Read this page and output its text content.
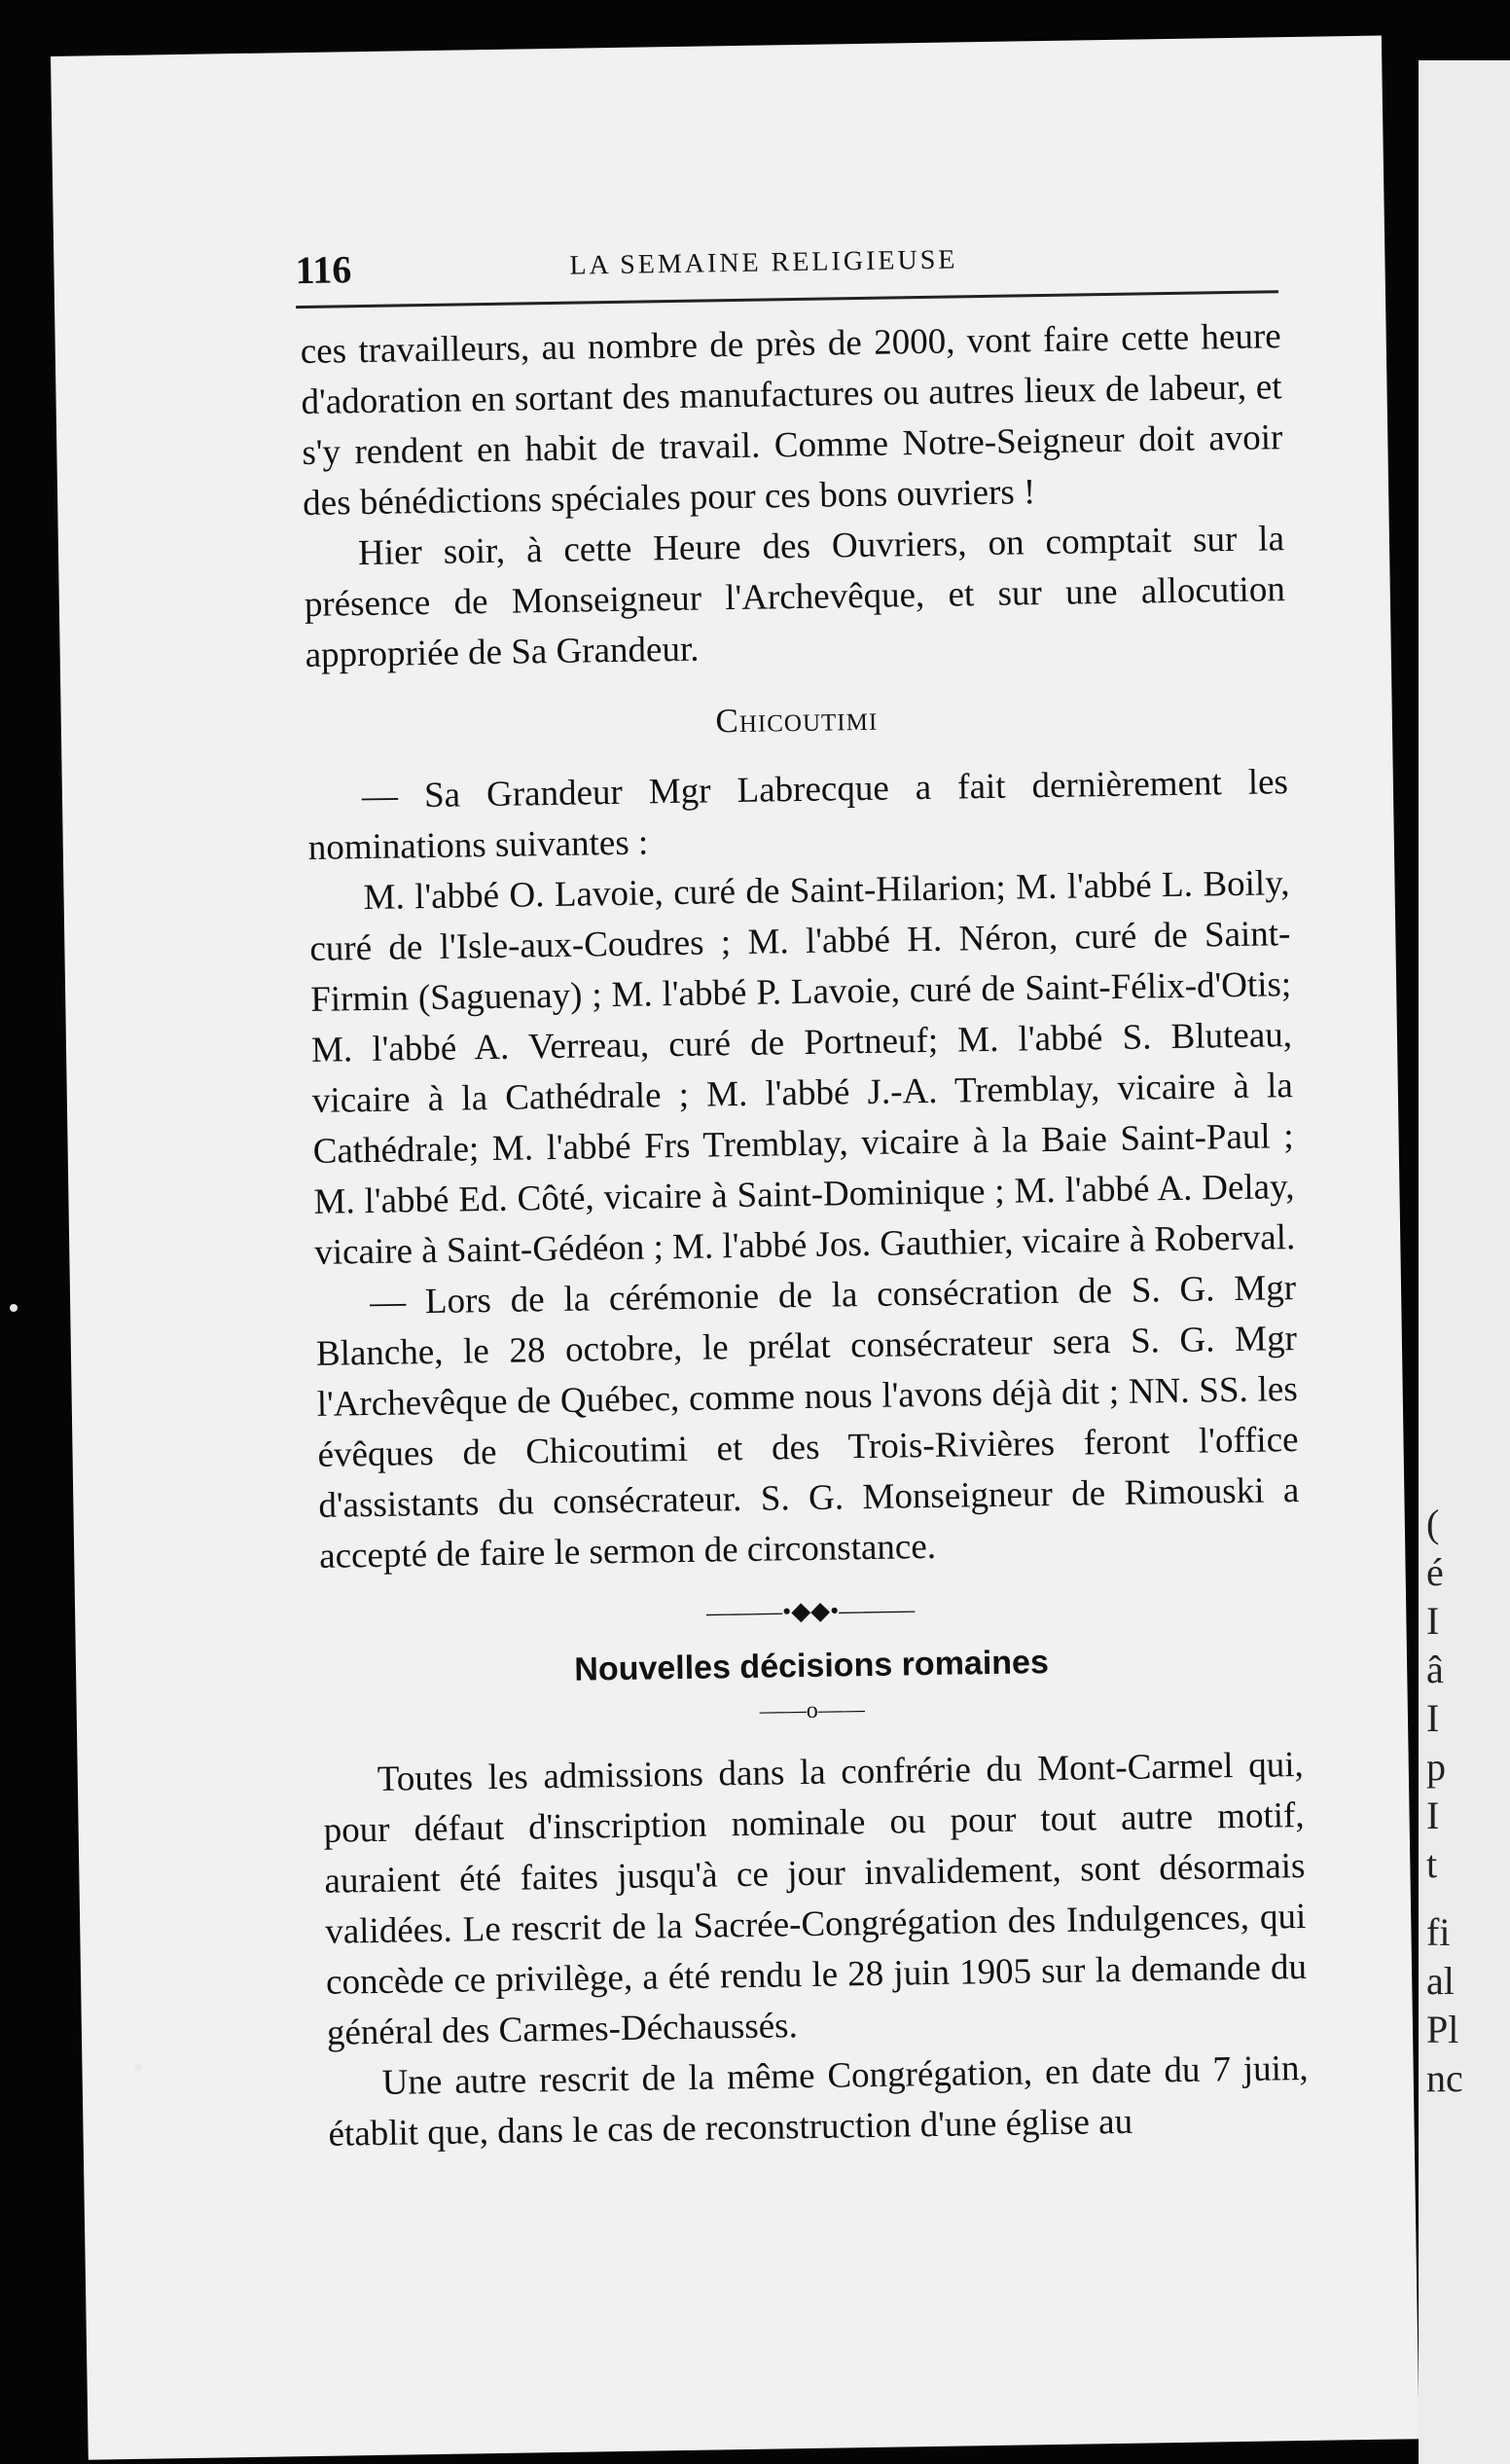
116	LA SEMAINE RELIGIEUSE

ces travailleurs, au nombre de près de 2000, vont faire cette heure d'adoration en sortant des manufactures ou autres lieux de labeur, et s'y rendent en habit de travail. Comme Notre-Seigneur doit avoir des bénédictions spéciales pour ces bons ouvriers !

Hier soir, à cette Heure des Ouvriers, on comptait sur la présence de Monseigneur l'Archevêque, et sur une allocution appropriée de Sa Grandeur.

Chicoutimi

— Sa Grandeur Mgr Labrecque a fait dernièrement les nominations suivantes :

M. l'abbé O. Lavoie, curé de Saint-Hilarion; M. l'abbé L. Boily, curé de l'Isle-aux-Coudres ; M. l'abbé H. Néron, curé de Saint-Firmin (Saguenay) ; M. l'abbé P. Lavoie, curé de Saint-Félix-d'Otis; M. l'abbé A. Verreau, curé de Portneuf; M. l'abbé S. Bluteau, vicaire à la Cathédrale ; M. l'abbé J.-A. Tremblay, vicaire à la Cathédrale; M. l'abbé Frs Tremblay, vicaire à la Baie Saint-Paul ; M. l'abbé Ed. Côté, vicaire à Saint-Dominique ; M. l'abbé A. Delay, vicaire à Saint-Gédéon ; M. l'abbé Jos. Gauthier, vicaire à Roberval.

— Lors de la cérémonie de la consécration de S. G. Mgr Blanche, le 28 octobre, le prélat consécrateur sera S. G. Mgr l'Archevêque de Québec, comme nous l'avons déjà dit ; NN. SS. les évêques de Chicoutimi et des Trois-Rivières feront l'office d'assistants du consécrateur. S. G. Monseigneur de Rimouski a accepté de faire le sermon de circonstance.

———•◆◆•———

Nouvelles décisions romaines

——o——

Toutes les admissions dans la confrérie du Mont-Carmel qui, pour défaut d'inscription nominale ou pour tout autre motif, auraient été faites jusqu'à ce jour invalidement, sont désormais validées. Le rescrit de la Sacrée-Congrégation des Indulgences, qui concède ce privilège, a été rendu le 28 juin 1905 sur la demande du général des Carmes-Déchaussés.

Une autre rescrit de la même Congrégation, en date du 7 juin, établit que, dans le cas de reconstruction d'une église au

(
é
I
â
I
p
I
t
fi
al
Pl
nc
